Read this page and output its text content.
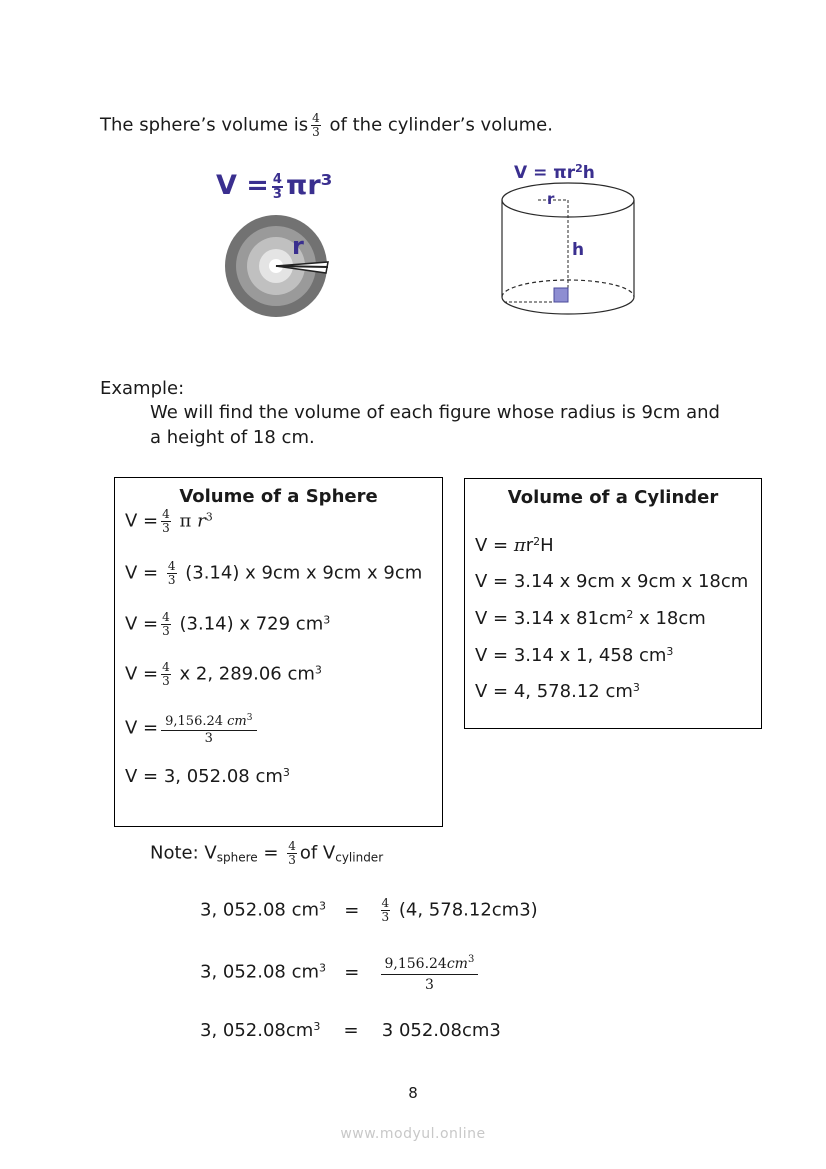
The sphere’s volume is $\frac{4}{3}$ of the cylinder’s volume.
$V = \frac{4}{3} \pi r^3$
r
$V = \pi r^2h$
r
h
Example:
We will find the volume of each figure whose radius is 9cm and
a height of 18 cm.
Volume of a Sphere
$V = \frac{4}{3}$ π $r^3$
$V = \frac{4}{3} (3.14)$ x 9cm x 9cm x 9cm
$V = \frac{4}{3} (3.14)$ x 729 $cm^3$
$V = \frac{4}{3}$ x 2, 289.06 $cm^3$
$V = \frac{9,156.24 cm^3}{3}$
V = 3, 052.08 $cm^3$
Volume of a Cylinder
$V = \pi r^2H$
V = 3.14 x 9cm x 9cm x 18cm
V = 3.14 x $81cm^2$ x 18cm
V = 3.14 x 1, 458 $cm^3$
V = 4, 578.12 $cm^3$
Note: $V_{sphere} = \frac{4}{3}$ of $V_{cylinder}$
3, 052.08 $cm^3 = \frac{4}{3} (4$, 578.12cm3)
3, 052.08 $cm^3 = \frac{9,156.24cm^3}{3}$
3, $052.08cm^3 = 3$ 052.08cm3
8
www.modyul.online
